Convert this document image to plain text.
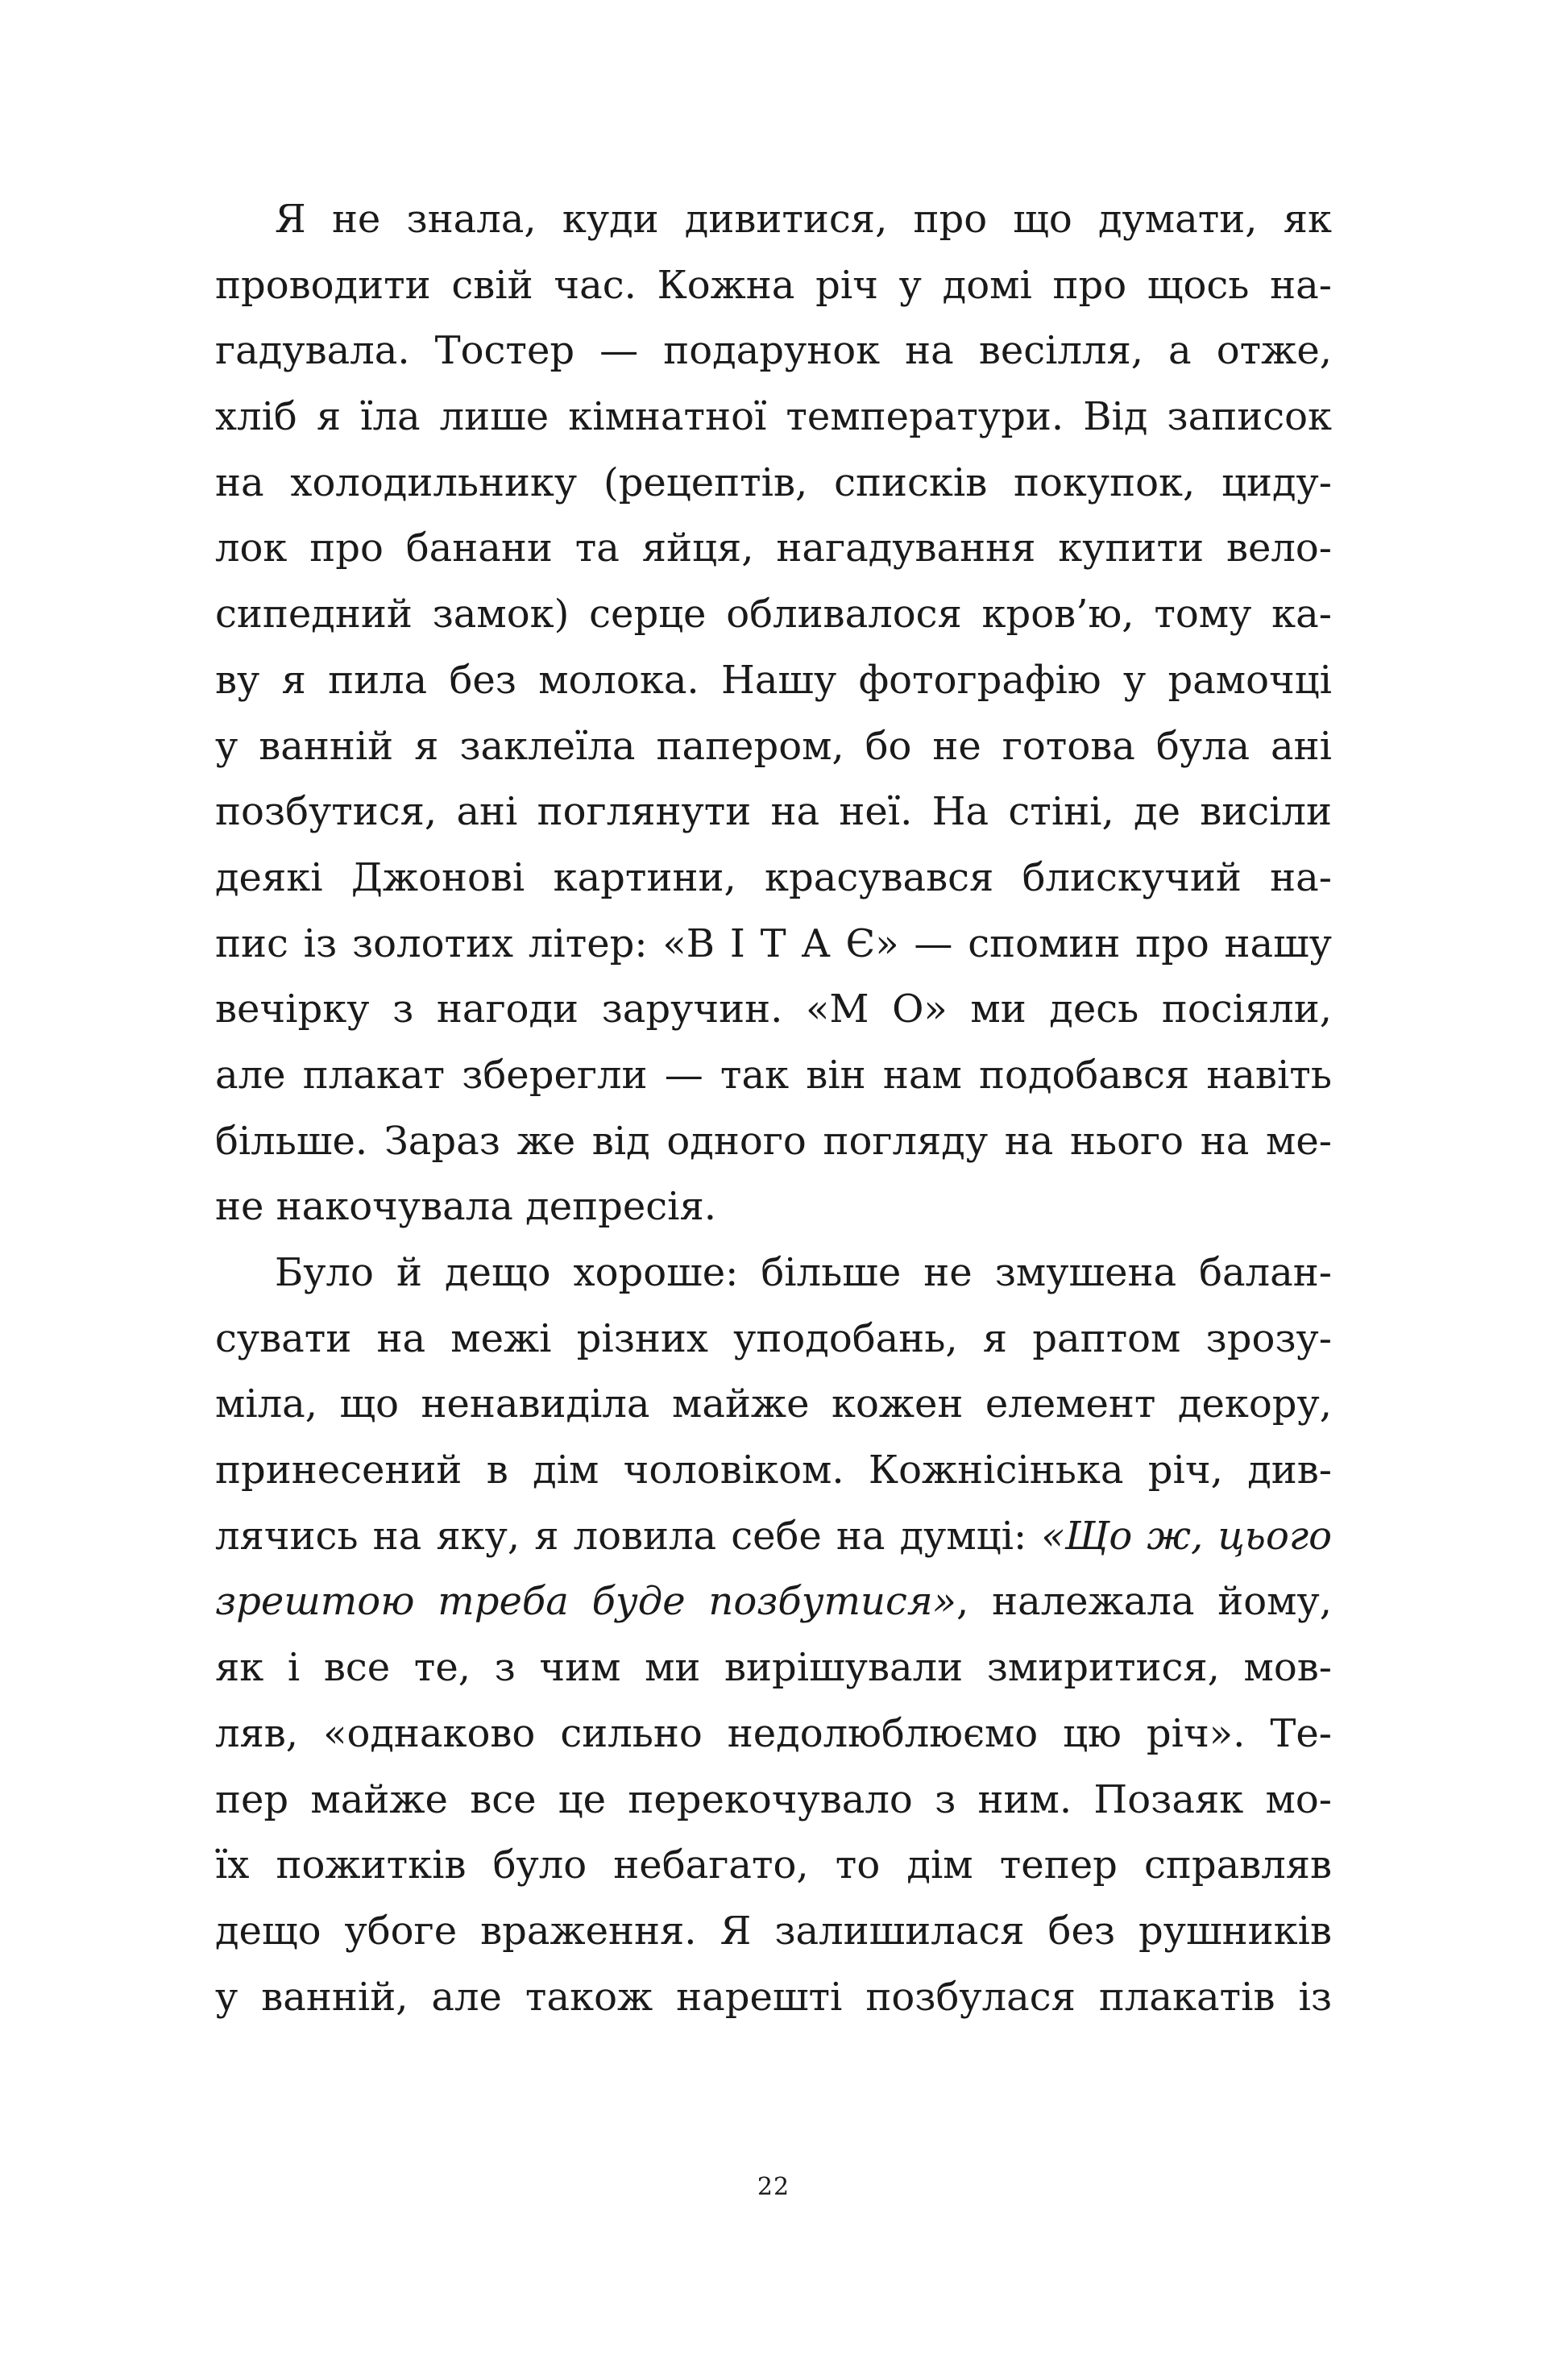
Я не знала, куди дивитися, про що думати, як
проводити свій час. Кожна річ у домі про щось на-
гадувала. Тостер — подарунок на весілля, а отже,
хліб я їла лише кімнатної температури. Від записок
на холодильнику (рецептів, списків покупок, циду-
лок про банани та яйця, нагадування купити вело-
сипедний замок) серце обливалося кров’ю, тому ка-
ву я пила без молока. Нашу фотографію у рамочці
у ванній я заклеїла папером, бо не готова була ані
позбутися, ані поглянути на неї. На стіні, де висіли
деякі Джонові картини, красувався блискучий на-
пис із золотих літер: «В І Т А Є» — спомин про нашу
вечірку з нагоди заручин. «М О» ми десь посіяли,
але плакат зберегли — так він нам подобався навіть
більше. Зараз же від одного погляду на нього на ме-
не накочувала депресія.
Було й дещо хороше: більше не змушена балан-
сувати на межі різних уподобань, я раптом зрозу-
міла, що ненавиділа майже кожен елемент декору,
принесений в дім чоловіком. Кожнісінька річ, див-
лячись на яку, я ловила себе на думці: «Що ж, цього
зрештою треба буде позбутися», належала йому,
як і все те, з чим ми вирішували змиритися, мов-
ляв, «однаково сильно недолюблюємо цю річ». Те-
пер майже все це перекочувало з ним. Позаяк мо-
їх пожитків було небагато, то дім тепер справляв
дещо убоге враження. Я залишилася без рушників
у ванній, але також нарешті позбулася плакатів із
22
